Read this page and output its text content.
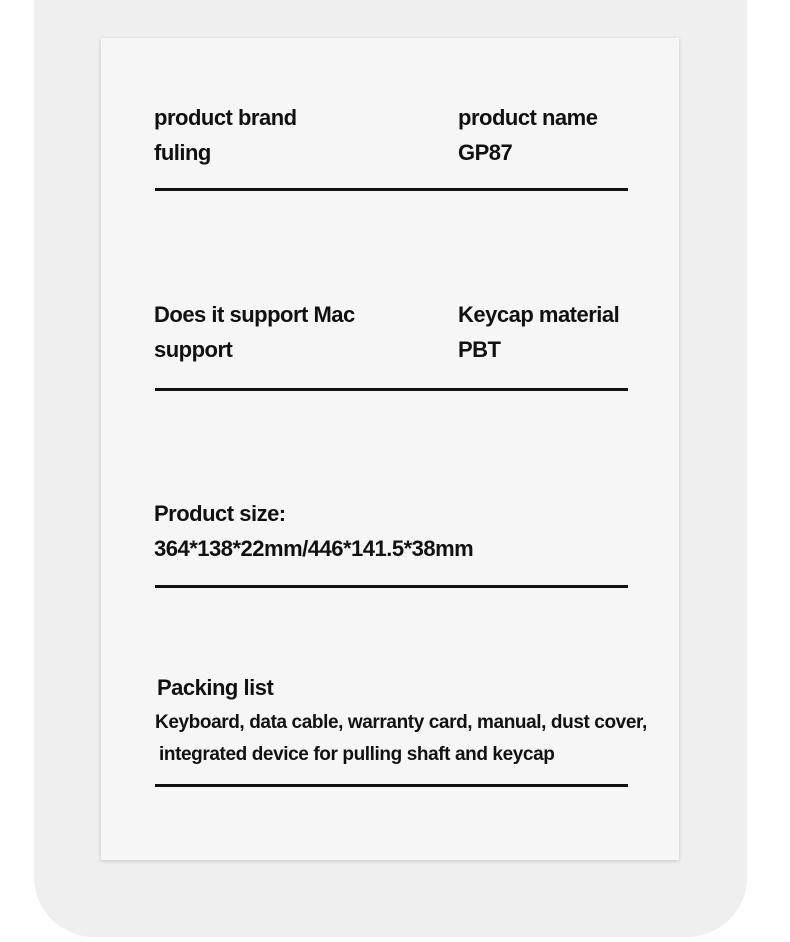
product brand

fuling

product name

GP87

Does it support Mac

support

Keycap material

PBT

Product size:

364*138*22mm/446*141.5*38mm

Packing list

Keyboard, data cable, warranty card, manual, dust cover,

integrated device for pulling shaft and keycap
